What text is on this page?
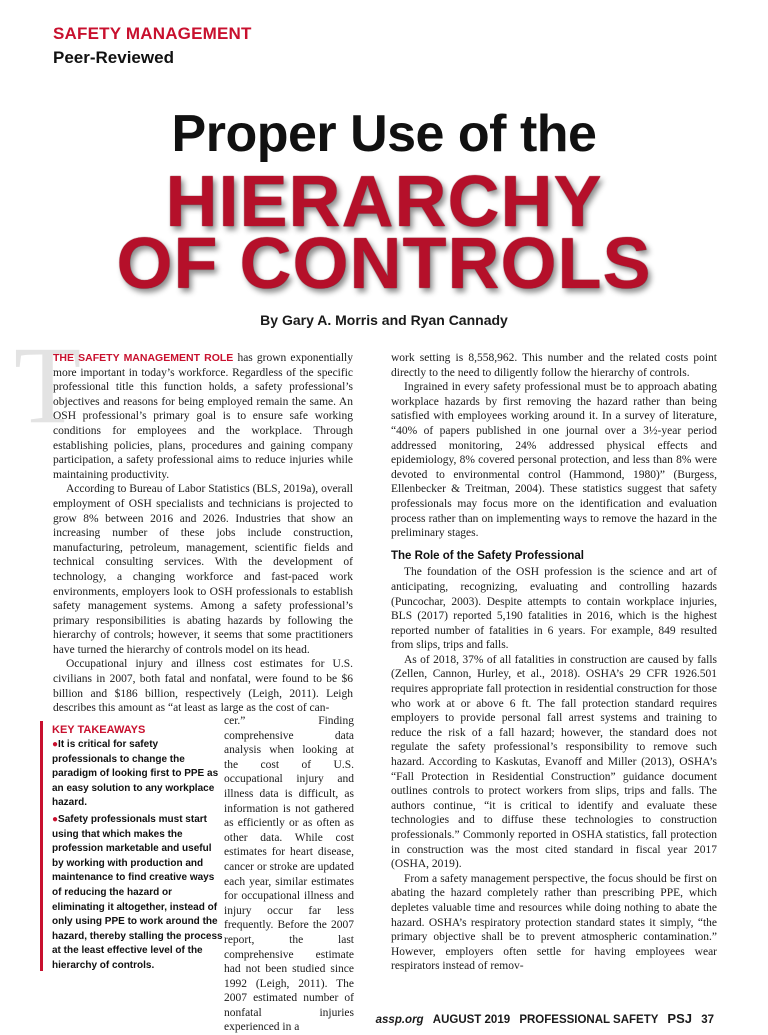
SAFETY MANAGEMENT
Peer-Reviewed
Proper Use of the
HIERARCHY
OF CONTROLS
By Gary A. Morris and Ryan Cannady
T

THE SAFETY MANAGEMENT ROLE has grown exponentially more important in today’s workforce. Regardless of the specific professional title this function holds, a safety professional’s objectives and reasons for being employed remain the same. An OSH professional’s primary goal is to ensure safe working conditions for employees and the workplace. Through establishing policies, plans, procedures and gaining company participation, a safety professional aims to reduce injuries while maintaining productivity.

According to Bureau of Labor Statistics (BLS, 2019a), overall employment of OSH specialists and technicians is projected to grow 8% between 2016 and 2026. Industries that show an increasing number of these jobs include construction, manufacturing, petroleum, management, scientific fields and technical consulting services. With the development of technology, a changing workforce and fast-paced work environments, employers look to OSH professionals to establish safety management systems. Among a safety professional’s primary responsibilities is abating hazards by following the hierarchy of controls; however, it seems that some practitioners have turned the hierarchy of controls model on its head.

Occupational injury and illness cost estimates for U.S. civilians in 2007, both fatal and nonfatal, were found to be $6 billion and $186 billion, respectively (Leigh, 2011). Leigh describes this amount as “at least as large as the cost of can-

cer.” Finding comprehensive data analysis when looking at the cost of U.S. occupational injury and illness data is difficult, as information is not gathered as efficiently or as often as other data. While cost estimates for heart disease, cancer or stroke are updated each year, similar estimates for occupational illness and injury occur far less frequently. Before the 2007 report, the last comprehensive estimate had not been studied since 1992 (Leigh, 2011). The 2007 estimated number of nonfatal injuries experienced in a

KEY TAKEAWAYS
●It is critical for safety professionals to change the paradigm of looking first to PPE as an easy solution to any workplace hazard.
●Safety professionals must start using that which makes the profession marketable and useful by working with production and maintenance to find creative ways of reducing the hazard or eliminating it altogether, instead of only using PPE to work around the hazard, thereby stalling the process at the least effective level of the hierarchy of controls.

work setting is 8,558,962. This number and the related costs point directly to the need to diligently follow the hierarchy of controls.

Ingrained in every safety professional must be to approach abating workplace hazards by first removing the hazard rather than being satisfied with employees working around it. In a survey of literature, “40% of papers published in one journal over a 3½-year period addressed monitoring, 24% addressed physical effects and epidemiology, 8% covered personal protection, and less than 8% were devoted to environmental control (Hammond, 1980)” (Burgess, Ellenbecker & Treitman, 2004). These statistics suggest that safety professionals may focus more on the identification and evaluation process rather than on implementing ways to remove the hazard in the preliminary stages.

The Role of the Safety Professional

The foundation of the OSH profession is the science and art of anticipating, recognizing, evaluating and controlling hazards (Puncochar, 2003). Despite attempts to contain workplace injuries, BLS (2017) reported 5,190 fatalities in 2016, which is the highest reported number of fatalities in 6 years. For example, 849 resulted from slips, trips and falls.

As of 2018, 37% of all fatalities in construction are caused by falls (Zellen, Cannon, Hurley, et al., 2018). OSHA’s 29 CFR 1926.501 requires appropriate fall protection in residential construction for those who work at or above 6 ft. The fall protection standard requires employers to provide personal fall arrest systems and training to reduce the risk of a fall hazard; however, the standard does not regulate the safety professional’s responsibility to remove such hazard. According to Kaskutas, Evanoff and Miller (2013), OSHA’s “Fall Protection in Residential Construction” guidance document outlines controls to protect workers from slips, trips and falls. The authors continue, “it is critical to identify and evaluate these technologies and to diffuse these technologies to construction professionals.” Commonly reported in OSHA statistics, fall protection in construction was the most cited standard in fiscal year 2017 (OSHA, 2019).

From a safety management perspective, the focus should be first on abating the hazard completely rather than prescribing PPE, which depletes valuable time and resources while doing nothing to abate the hazard. OSHA’s respiratory protection standard states it simply, “the primary objective shall be to prevent atmospheric contamination.” However, employers often settle for having employees wear respirators instead of remov-

assp.org AUGUST 2019 PROFESSIONAL SAFETY PSJ 37
